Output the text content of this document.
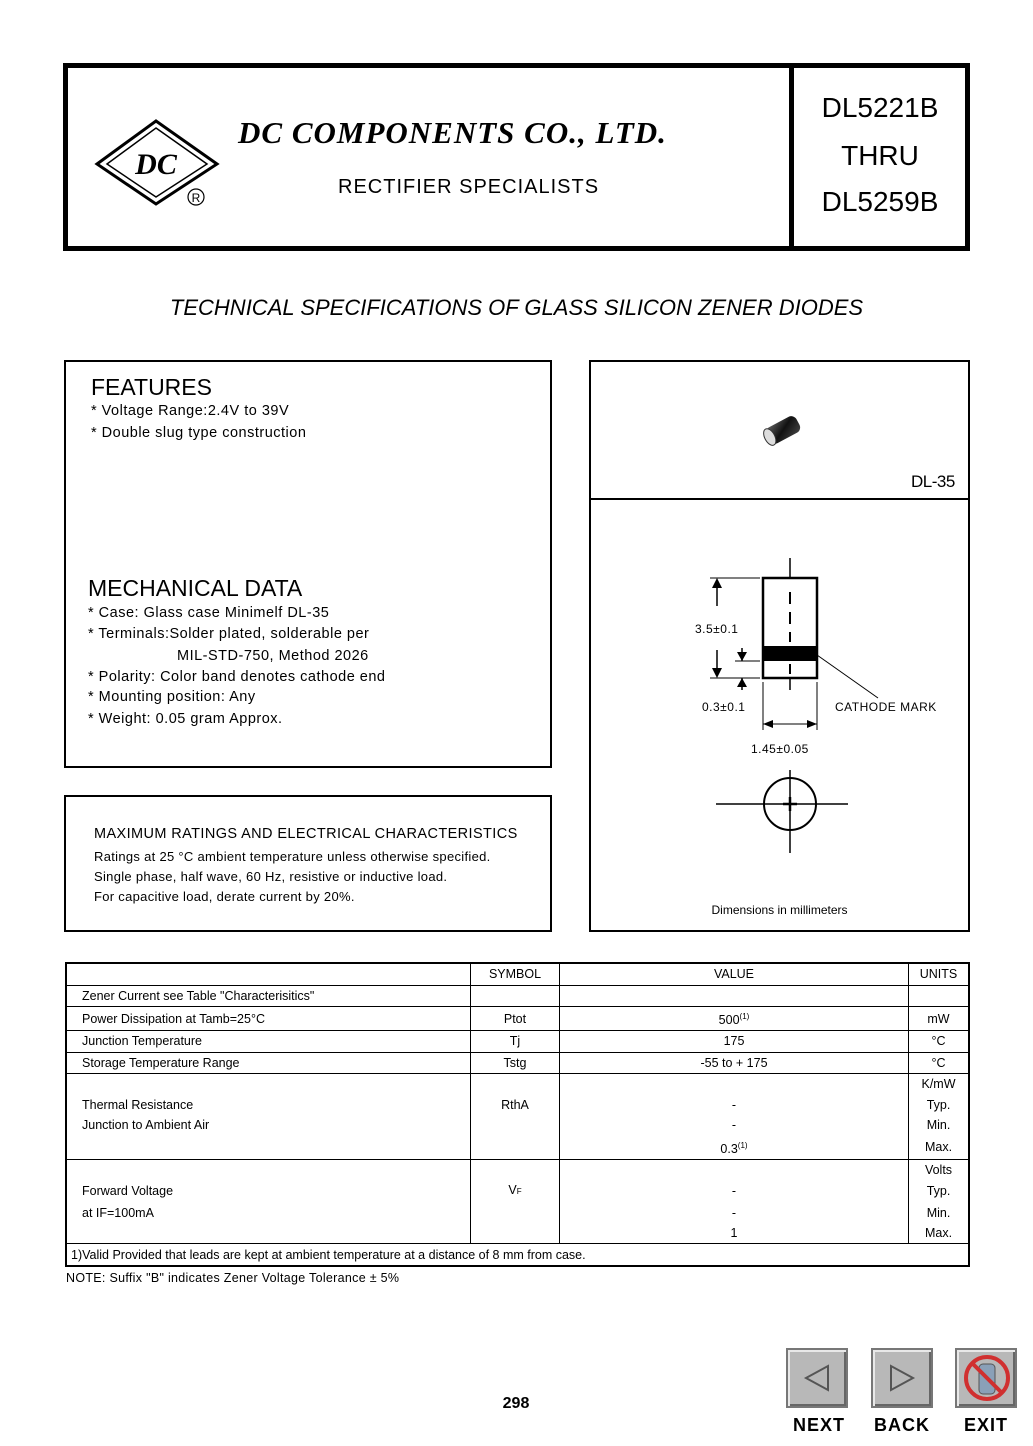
DC
R
DC COMPONENTS CO., LTD.
RECTIFIER SPECIALISTS
DL5221B
THRU
DL5259B
TECHNICAL SPECIFICATIONS OF GLASS SILICON ZENER DIODES
FEATURES
* Voltage Range:2.4V to 39V
* Double slug type construction
MECHANICAL DATA
* Case: Glass case Minimelf DL-35
* Terminals:Solder plated, solderable per
MIL-STD-750, Method 2026
* Polarity: Color band denotes cathode end
* Mounting position: Any
* Weight: 0.05 gram Approx.
MAXIMUM RATINGS AND ELECTRICAL CHARACTERISTICS
Ratings at 25 °C ambient temperature unless otherwise specified.
Single phase, half wave, 60 Hz, resistive or inductive load.
For capacitive load, derate current by 20%.
DL-35
3.5±0.1
0.3±0.1	CATHODE MARK
1.45±0.05
Dimensions in millimeters
	SYMBOL	VALUE	UNITS
Zener Current see Table "Characterisitics"			
Power Dissipation at Tamb=25°C	Ptot	500$^{(1)}$	mW
Junction Temperature	Tj	175	°C
Storage Temperature Range	Tstg	-55 to + 175	°C
			K/mW
Thermal Resistance	RthA	-	Typ.
Junction to Ambient Air		-	Min.
		0.3$^{(1)}$	Max.
			Volts
Forward Voltage	VF	-	Typ.
at IF=100mA		-	Min.
		1	Max.
1)Valid Provided that leads are kept at ambient temperature at a distance of 8 mm from case.			
NOTE: Suffix "B" indicates Zener Voltage Tolerance ± 5%
298
NEXT	BACK	EXIT
